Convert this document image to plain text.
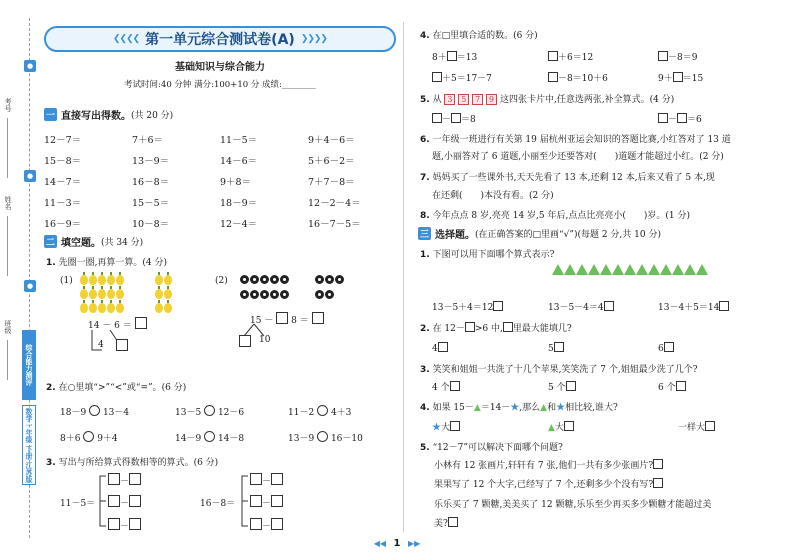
考号
姓名
班级
●
●
●
综合能力测评
数学一年级 下册 江苏版
❮❮❮❮ 第一单元综合测试卷(A) ❯❯❯❯
基础知识与综合能力
考试时间:40 分钟 满分:100+10 分 成绩:________
一 直接写出得数。 (共 20 分)
12－7＝	7＋6＝	11－5＝	9＋4－6＝
15－8＝	13－9＝	14－6＝	5＋6－2＝
14－7＝	16－8＝	9＋8＝	7＋7－8＝
11－3＝	15－5＝	18－9＝	12－2－4＝
16－9＝	10－8＝	12－4＝	16－7－5＝
二 填空题。 (共 34 分)
1. 先圈一圈,再算一算。(4 分)
(1)
14 － 6 ＝
4
(2)
15 － 8 ＝
10
2. 在○里填“>”“<”或“=”。(6 分)
18－9 13－4	13－5 12－6	11－2 4＋3
8＋6 9＋4	14－9 14－8	13－9 16－10
3. 写出与所给算式得数相等的算式。(6 分)
11－5＝
－
－
－
16－8＝
－
－
－
4. 在□里填合适的数。(6 分)
8＋ ＝13	＋6＝12	－8＝9
＋5＝17－7	－8＝10＋6	9＋ ＝15
5. 从 3 5 7 9 这四张卡片中,任意选两张,补全算式。(4 分)
－ ＝8	－ ＝6
6. 一年级一班进行有关第 19 届杭州亚运会知识的答题比赛,小红答对了 13 道
题,小丽答对了 6 道题,小丽至少还要答对( )道题才能超过小红。(2 分)
7. 妈妈买了一些课外书,天天先看了 13 本,还剩 12 本,后来又看了 5 本,现
在还剩( )本没有看。(2 分)
8. 今年点点 8 岁,亮亮 14 岁,5 年后,点点比亮亮小( )岁。(1 分)
三 选择题。 (在正确答案的□里画“√”)(每题 2 分,共 10 分)
1. 下图可以用下面哪个算式表示?
13－5＋4＝12	13－5－4＝4	13－4＋5＝14
2. 在 12－ >6 中, 里最大能填几?
4	5	6
3. 笑笑和姐姐一共洗了十几个苹果,笑笑洗了 7 个,姐姐最少洗了几个?
4 个	5 个	6 个
4. 如果 15－▲＝14－★,那么▲和★相比较,谁大?
★大	▲大	一样大
5. “12－7”可以解决下面哪个问题?
小林有 12 张画片,轩轩有 7 张,他们一共有多少张画片?
果果写了 12 个大字,已经写了 7 个,还剩多少个没有写?
乐乐买了 7 颗糖,美美买了 12 颗糖,乐乐至少再买多少颗糖才能超过美
美?
◀◀ 1 ▶▶
